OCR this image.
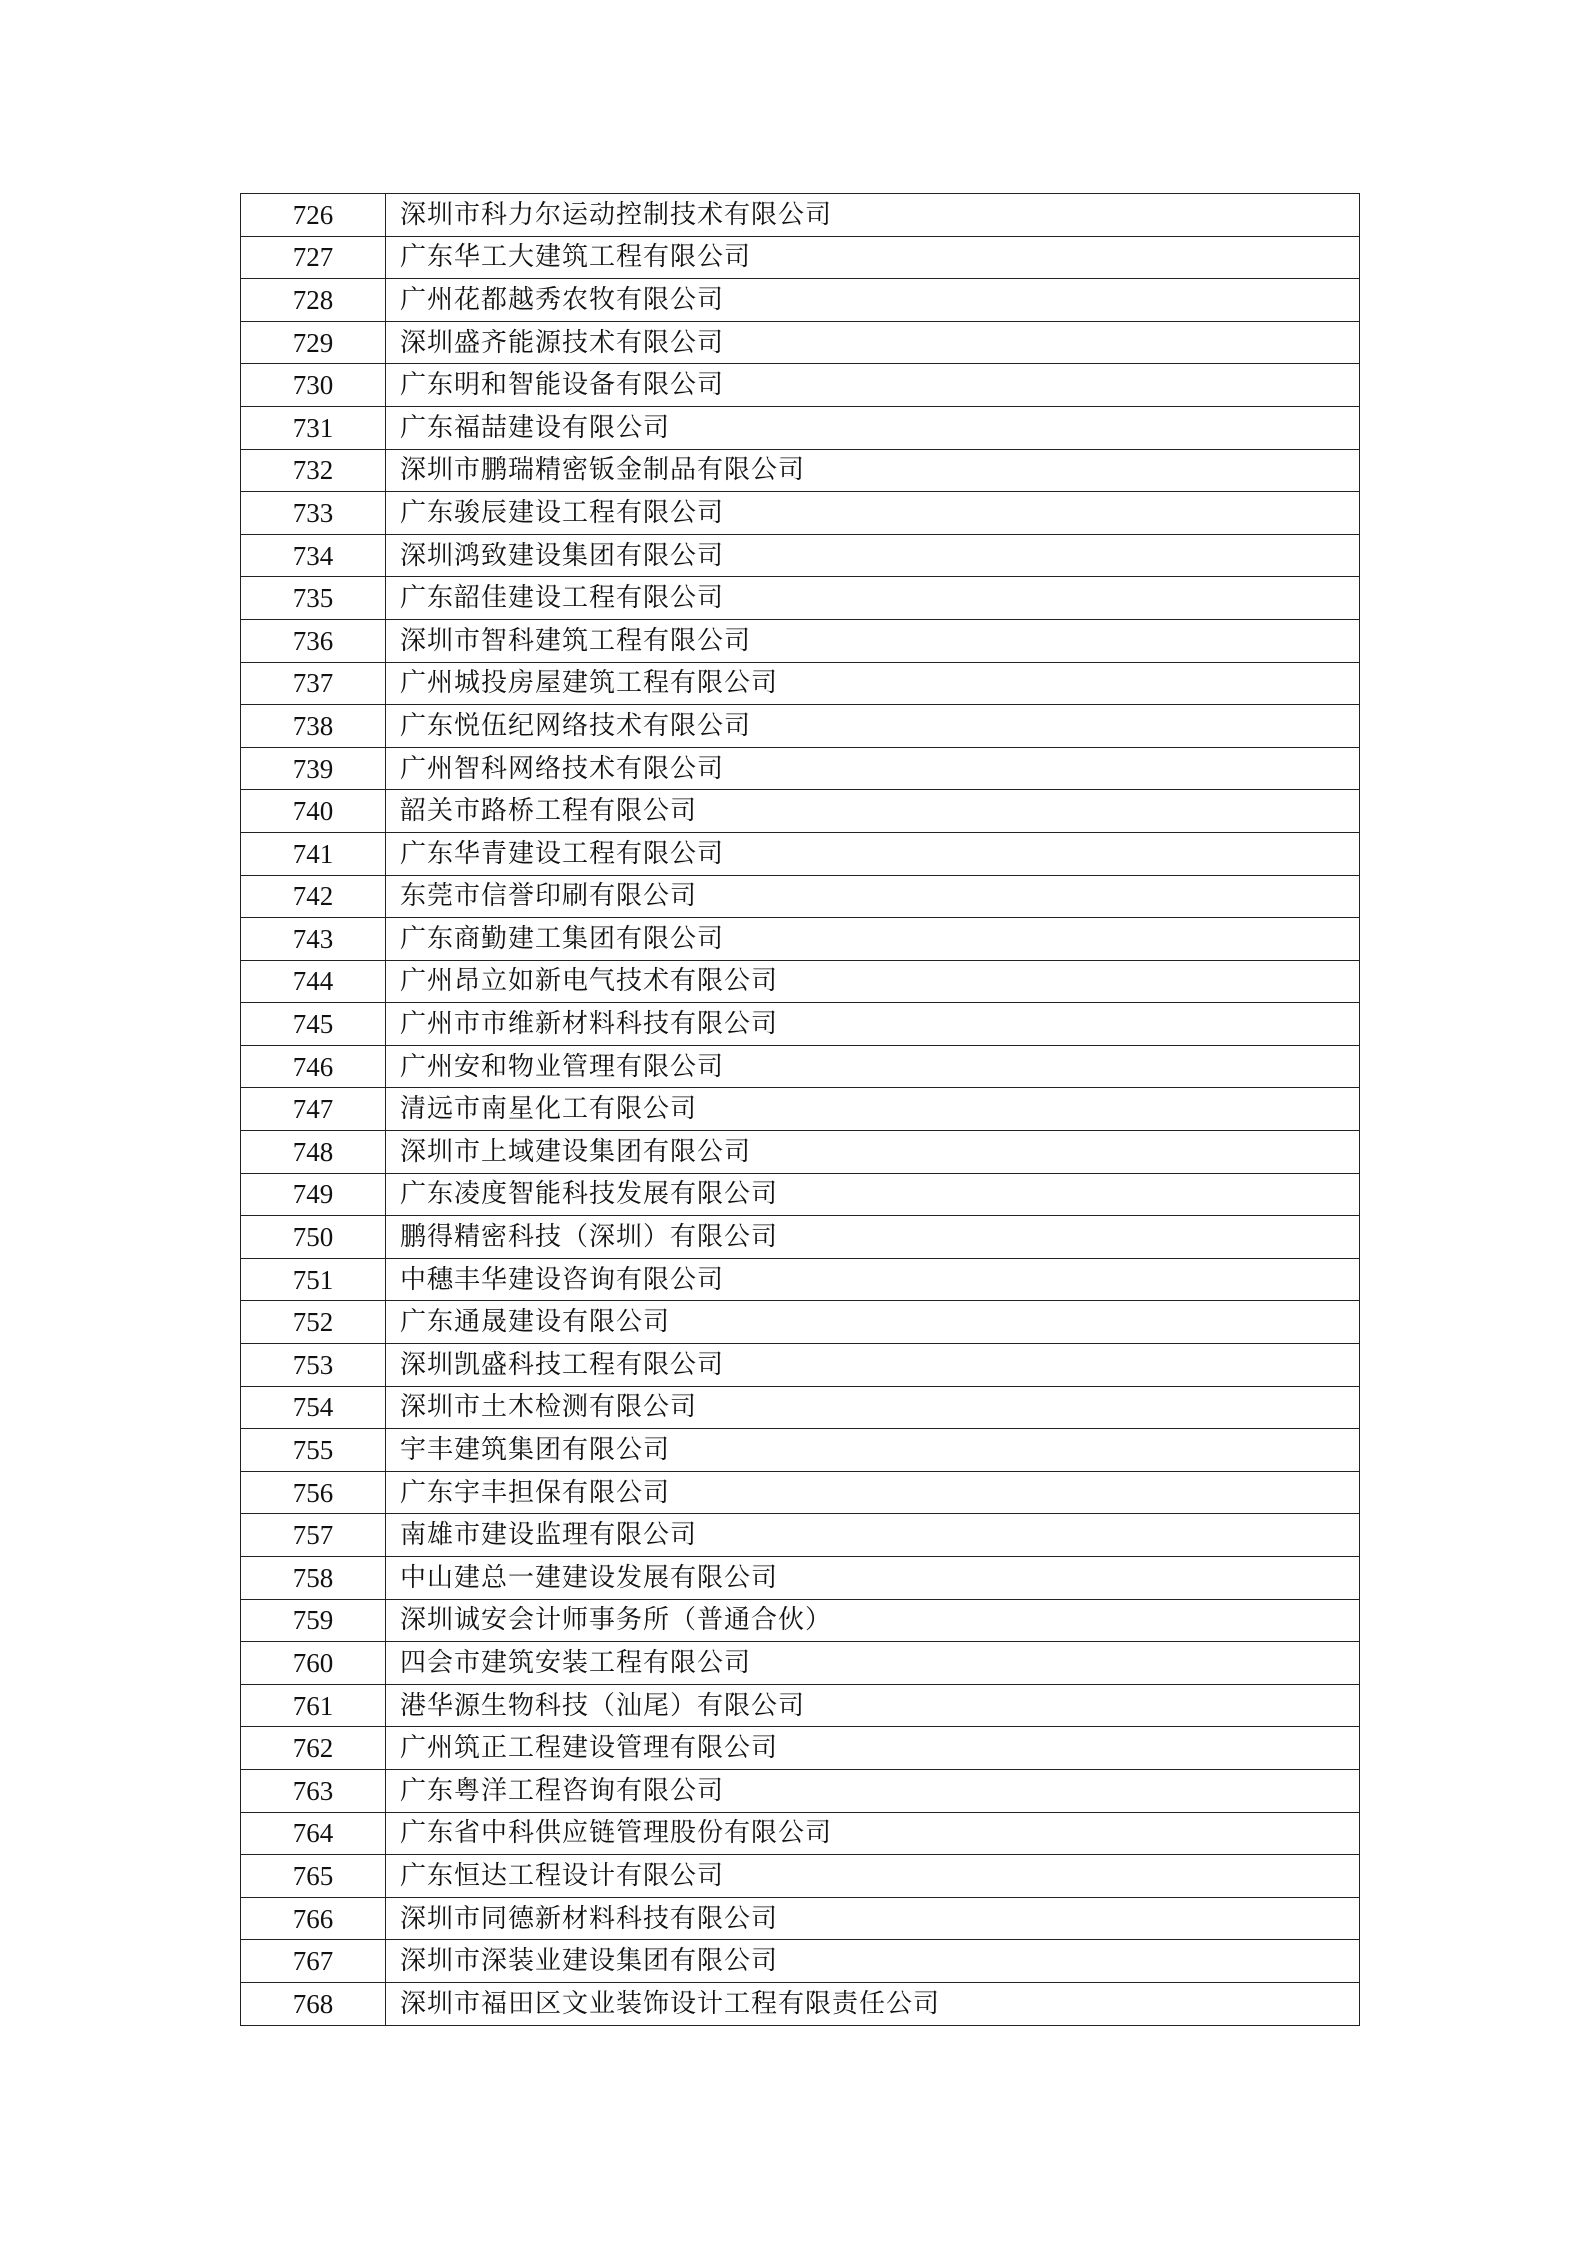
726	深圳市科力尔运动控制技术有限公司
727	广东华工大建筑工程有限公司
728	广州花都越秀农牧有限公司
729	深圳盛齐能源技术有限公司
730	广东明和智能设备有限公司
731	广东福喆建设有限公司
732	深圳市鹏瑞精密钣金制品有限公司
733	广东骏辰建设工程有限公司
734	深圳鸿致建设集团有限公司
735	广东韶佳建设工程有限公司
736	深圳市智科建筑工程有限公司
737	广州城投房屋建筑工程有限公司
738	广东悦伍纪网络技术有限公司
739	广州智科网络技术有限公司
740	韶关市路桥工程有限公司
741	广东华青建设工程有限公司
742	东莞市信誉印刷有限公司
743	广东商勤建工集团有限公司
744	广州昂立如新电气技术有限公司
745	广州市市维新材料科技有限公司
746	广州安和物业管理有限公司
747	清远市南星化工有限公司
748	深圳市上域建设集团有限公司
749	广东凌度智能科技发展有限公司
750	鹏得精密科技（深圳）有限公司
751	中穗丰华建设咨询有限公司
752	广东通晟建设有限公司
753	深圳凯盛科技工程有限公司
754	深圳市土木检测有限公司
755	宇丰建筑集团有限公司
756	广东宇丰担保有限公司
757	南雄市建设监理有限公司
758	中山建总一建建设发展有限公司
759	深圳诚安会计师事务所（普通合伙）
760	四会市建筑安装工程有限公司
761	港华源生物科技（汕尾）有限公司
762	广州筑正工程建设管理有限公司
763	广东粤洋工程咨询有限公司
764	广东省中科供应链管理股份有限公司
765	广东恒达工程设计有限公司
766	深圳市同德新材料科技有限公司
767	深圳市深装业建设集团有限公司
768	深圳市福田区文业装饰设计工程有限责任公司
